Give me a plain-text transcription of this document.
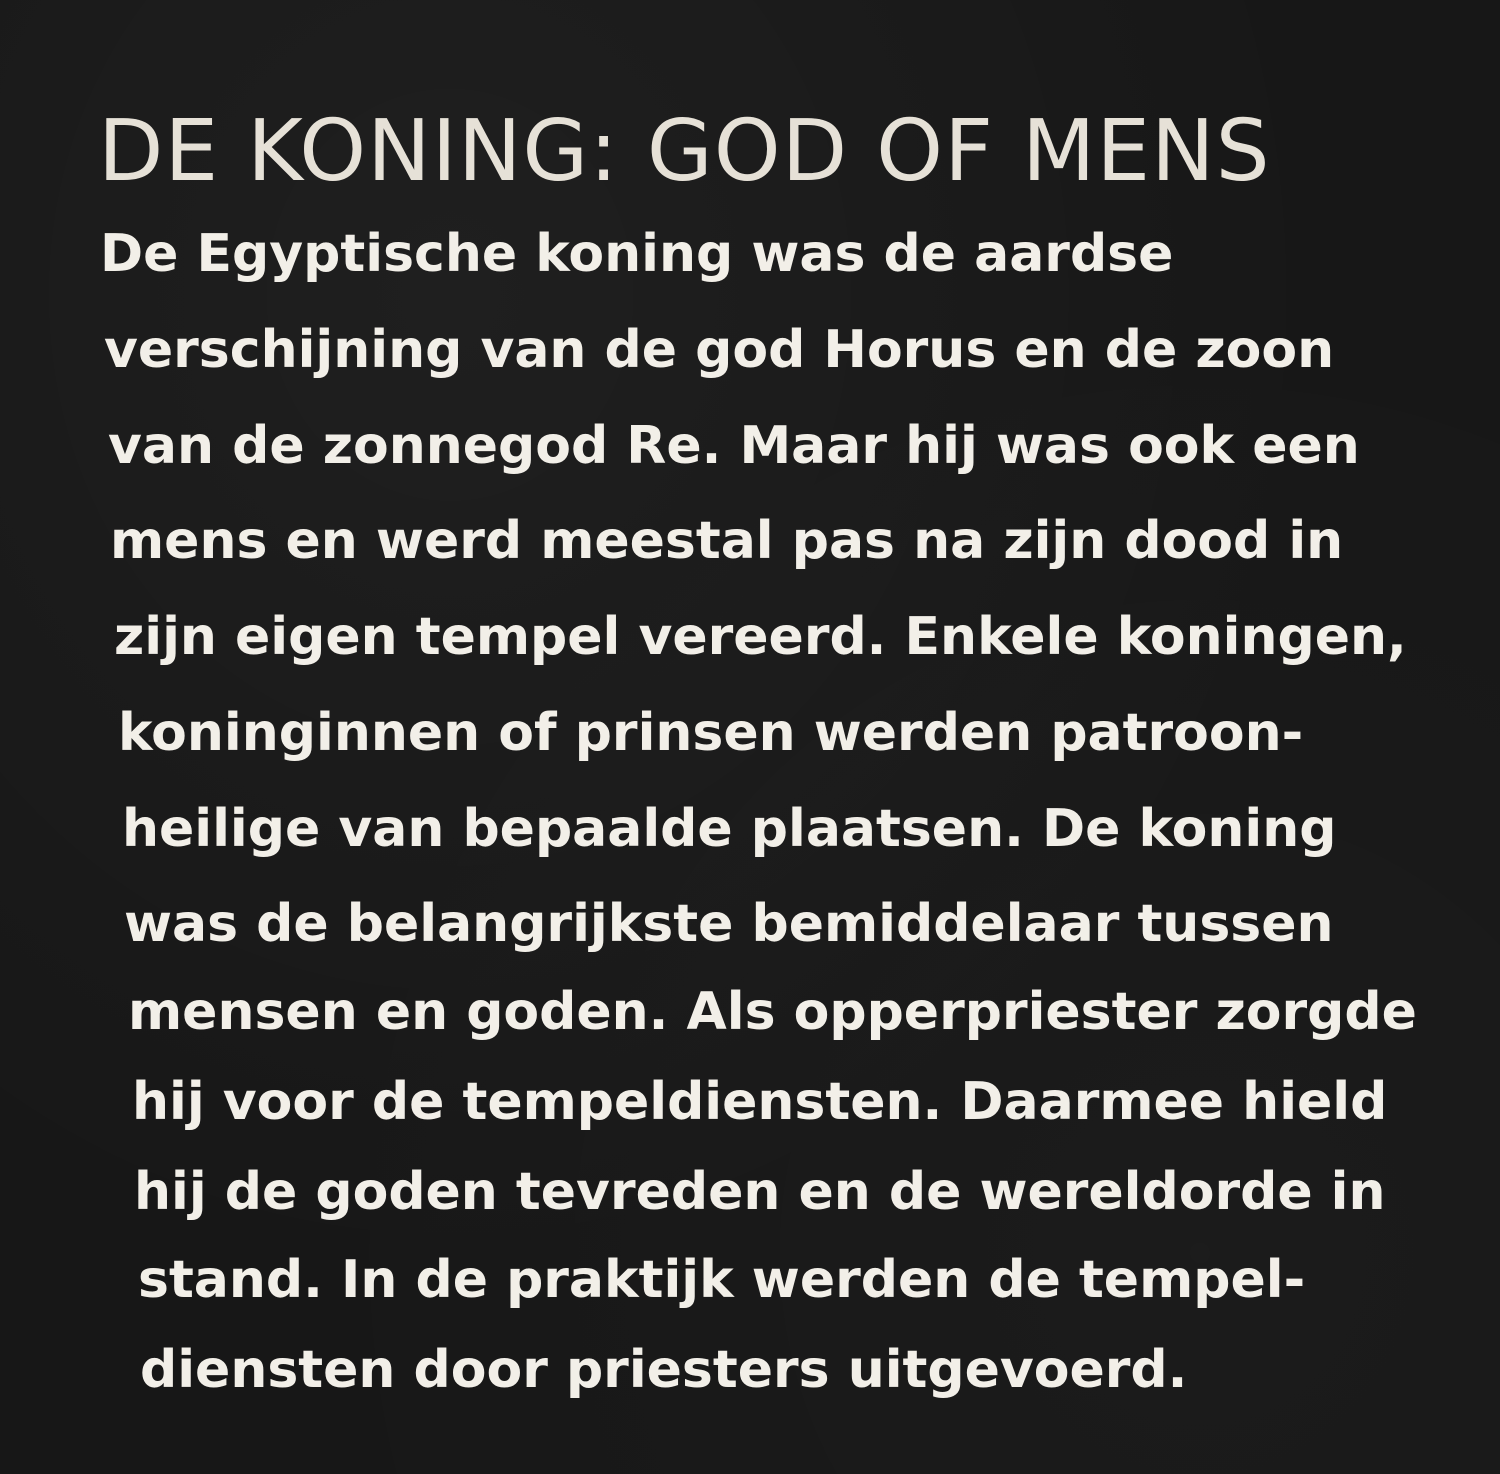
DE KONING: GOD OF MENS

De Egyptische koning was de aardse

verschijning van de god Horus en de zoon

van de zonnegod Re. Maar hij was ook een

mens en werd meestal pas na zijn dood in

zijn eigen tempel vereerd. Enkele koningen,

koninginnen of prinsen werden patroon-

heilige van bepaalde plaatsen. De koning

was de belangrijkste bemiddelaar tussen

mensen en goden. Als opperpriester zorgde

hij voor de tempeldiensten. Daarmee hield

hij de goden tevreden en de wereldorde in

stand. In de praktijk werden de tempel-

diensten door priesters uitgevoerd.
